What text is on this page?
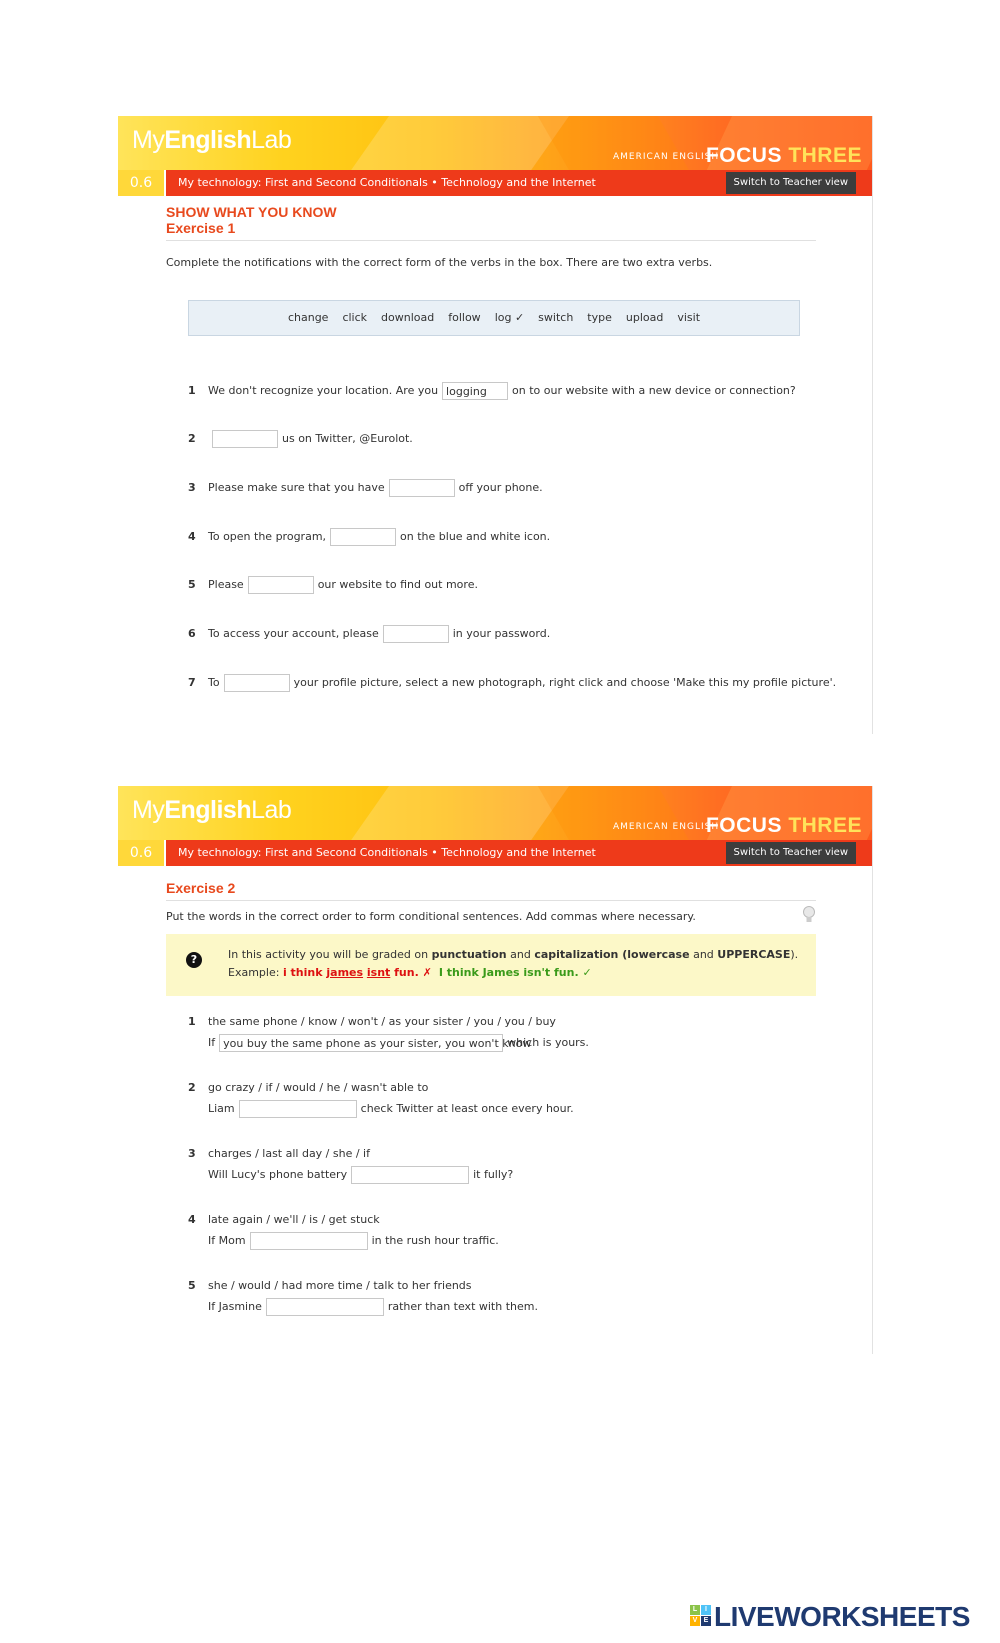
MyEnglishLab
AMERICAN ENGLISH
FOCUS THREE
0.6	My technology: First and Second Conditionals • Technology and the Internet	Switch to Teacher view
SHOW WHAT YOU KNOW
Exercise 1
Complete the notifications with the correct form of the verbs in the box. There are two extra verbs.
change click download follow log ✓ switch type upload visit
1 We don't recognize your location. Are you logging on to our website with a new device or connection?
2	us on Twitter, @Eurolot.
3 Please make sure that you have	off your phone.
4 To open the program,	on the blue and white icon.
5 Please	our website to find out more.
6 To access your account, please	in your password.
7 To	your profile picture, select a new photograph, right click and choose 'Make this my profile picture'.
MyEnglishLab
AMERICAN ENGLISH
FOCUS THREE
0.6	My technology: First and Second Conditionals • Technology and the Internet	Switch to Teacher view
Exercise 2
Put the words in the correct order to form conditional sentences. Add commas where necessary.
?	In this activity you will be graded on punctuation and capitalization (lowercase and UPPERCASE).
Example: i think james isnt fun. ✗ I think James isn't fun. ✓
1 the same phone / know / won't / as your sister / you / you / buy
If you buy the same phone as your sister, you won't knowwhich is yours.
2 go crazy / if / would / he / wasn't able to
Liam	check Twitter at least once every hour.
3 charges / last all day / she / if
Will Lucy's phone battery	it fully?
4 late again / we'll / is / get stuck
If Mom	in the rush hour traffic.
5 she / would / had more time / talk to her friends
If Jasmine	rather than text with them.
L	I
V E LIVEWORKSHEETS
